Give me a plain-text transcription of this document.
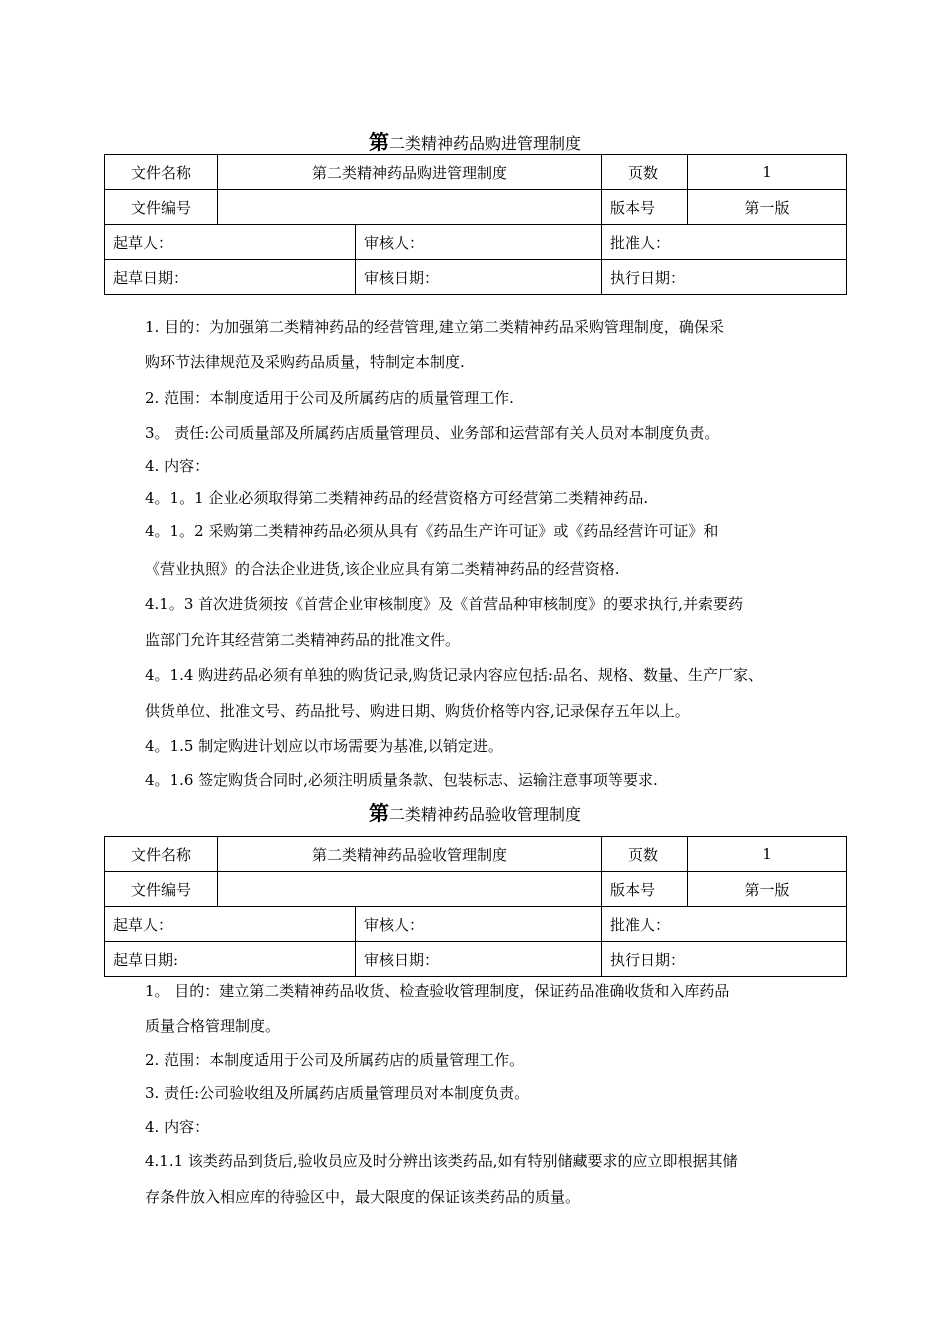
第二类精神药品购进管理制度
文件名称	第二类精神药品购进管理制度		页数	1
文件编号			版本号	第一版
起草人：		审核人：	批准人：	
起草日期：		审核日期：	执行日期：	
1. 目的：为加强第二类精神药品的经营管理,建立第二类精神药品采购管理制度，确保采
购环节法律规范及采购药品质量，特制定本制度.
2. 范围：本制度适用于公司及所属药店的质量管理工作.
3。 责任:公司质量部及所属药店质量管理员、业务部和运营部有关人员对本制度负责。
4. 内容：
4。1。1 企业必须取得第二类精神药品的经营资格方可经营第二类精神药品.
4。1。2 采购第二类精神药品必须从具有《药品生产许可证》或《药品经营许可证》和
《营业执照》的合法企业进货,该企业应具有第二类精神药品的经营资格.
4.1。3 首次进货须按《首营企业审核制度》及《首营品种审核制度》的要求执行,并索要药
监部门允许其经营第二类精神药品的批准文件。
4。1.4 购进药品必须有单独的购货记录,购货记录内容应包括:品名、规格、数量、生产厂家、
供货单位、批准文号、药品批号、购进日期、购货价格等内容,记录保存五年以上。
4。1.5 制定购进计划应以市场需要为基准,以销定进。
4。1.6 签定购货合同时,必须注明质量条款、包装标志、运输注意事项等要求.
第二类精神药品验收管理制度
文件名称	第二类精神药品验收管理制度		页数	1
文件编号			版本号	第一版
起草人：		审核人：	批准人：	
起草日期:		审核日期：	执行日期：	
1。 目的：建立第二类精神药品收货、检查验收管理制度，保证药品准确收货和入库药品
质量合格管理制度。
2. 范围：本制度适用于公司及所属药店的质量管理工作。
3. 责任:公司验收组及所属药店质量管理员对本制度负责。
4. 内容：
4.1.1 该类药品到货后,验收员应及时分辨出该类药品,如有特别储藏要求的应立即根据其储
存条件放入相应库的待验区中，最大限度的保证该类药品的质量。
